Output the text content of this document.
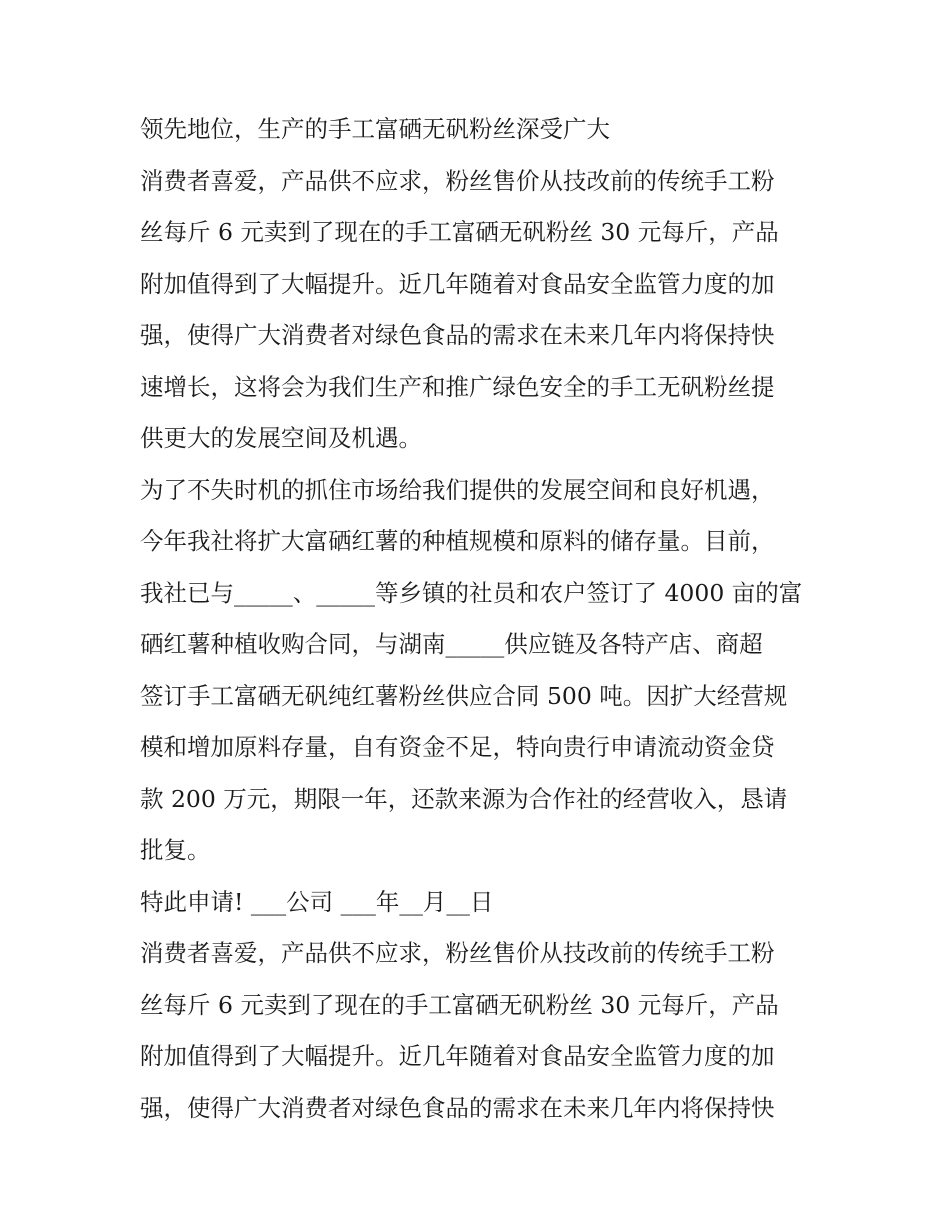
领先地位，生产的手工富硒无矾粉丝深受广大
消费者喜爱，产品供不应求，粉丝售价从技改前的传统手工粉
丝每斤 6 元卖到了现在的手工富硒无矾粉丝 30 元每斤，产品
附加值得到了大幅提升。近几年随着对食品安全监管力度的加
强，使得广大消费者对绿色食品的需求在未来几年内将保持快
速增长，这将会为我们生产和推广绿色安全的手工无矾粉丝提
供更大的发展空间及机遇。
为了不失时机的抓住市场给我们提供的发展空间和良好机遇，
今年我社将扩大富硒红薯的种植规模和原料的储存量。目前，
我社已与_____、_____等乡镇的社员和农户签订了 4000 亩的富
硒红薯种植收购合同，与湖南_____供应链及各特产店、商超
签订手工富硒无矾纯红薯粉丝供应合同 500 吨。因扩大经营规
模和增加原料存量，自有资金不足，特向贵行申请流动资金贷
款 200 万元，期限一年，还款来源为合作社的经营收入，恳请
批复。
特此申请! ___公司 ___年__月__日
消费者喜爱，产品供不应求，粉丝售价从技改前的传统手工粉
丝每斤 6 元卖到了现在的手工富硒无矾粉丝 30 元每斤，产品
附加值得到了大幅提升。近几年随着对食品安全监管力度的加
强，使得广大消费者对绿色食品的需求在未来几年内将保持快
